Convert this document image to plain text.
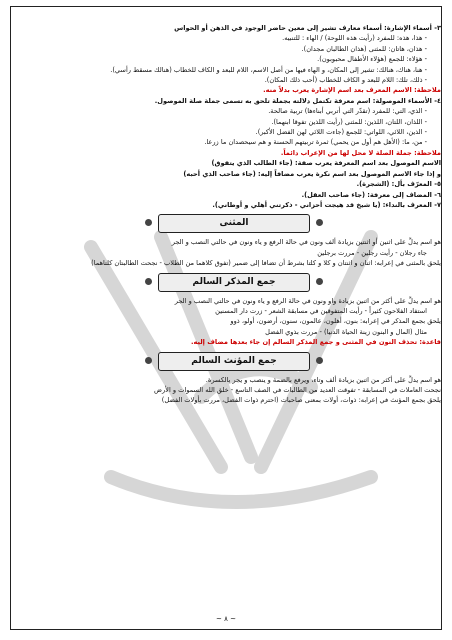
٣- أسماء الإشارة: أسماء معارف تشير إلى معين حاضر الوجود في الذهن أو الحواس
- هذا، هذه: للمفرد (رأيت هذه اللوحة) / الهاء : للتنبيه.
- هذان، هاتان: للمثنى (هذان الطالبان مجدان).
- هؤلاء: للجمع (هؤلاء الأطفال محبوبون).
- هنا، هناك، هنالك: تشير إلى المكان، و الهاء فيها من أصل الاسم، اللام للبعد و الكاف للخطاب (هنالك مسقط رأسي).
- ذلك، تلك: اللام للبعد و الكاف للخطاب (أحب ذلك المكان).
ملاحظة: الاسم المعرف بعد اسم الإشارة يعرب بدلاً منه.
٤- الأسماء الموصولة: اسم معرفة تكتمل دلالته بجملة تلحق به تسمى جملة صلة الموصول.
- الذي، التي: للمفرد (تقدّر التي أتربي أبناءها) تربية صالحة.
- اللذان، اللتان، اللذين: للمثنى (رأيت اللذين تفوقا ابنهما).
- الذين، اللائي، اللواتي: للجمع (جاءت اللائي لهن الفضل الأكبر).
- من، ما: (الأهل هم أول من يحمي) ثمرة تربيتهم الحسنة و هم سيحصدان ما زرعا.
ملاحظة: جملة الصلة لا محل لها من الإعراب دائماً.
الاسم الموصول بعد اسم المعرفة يعرب صفة: (جاء الطالب الذي يتفوق)
و إذا جاء الاسم الموصول بعد اسم نكرة يعرب مضافاً إليه: (جاء صاحب الذي أحبه)
٥- المعرّف بأل: (الشجرة).
٦- المضاف إلى معرفة: (جاء صاحب العقل).
٧- المعرف بالنداء: (يا شيخ قد هيجت أحزاني - ذكرتني أهلي و أوطاني).
المثنى
هو اسم يدلُّ على اثنين أو اثنتين بزيادة ألف ونون في حالة الرفع و ياء ونون في حالتي النصب و الجر
جاء رجلان - رأيت رجلين - مررت برجلين
يلحق بالمثنى في إعرابه: اثنان و اثنتان و كلا و كلتا بشرط أن تضافا إلى ضمير (تفوق كلاهما من الطلاب - نجحت الطالبتان كلتاهما)
جمع المذكر السالم
هو اسم يدلُّ على أكثر من اثنين بزيادة واو ونون في حالة الرفع و ياء ونون في حالتي النصب و الجر
استفاد الفلاحون كثيراً - رأيت المتفوقين في مسابقة الشعر - زرت دار المسنين
يلحق بجمع المذكر في إعرابه: بنون، أهلون، عالمون، سنون، أرضون، أولو، ذوو
مثال (المال و البنون زينة الحياة الدنيا) - مررت بذوي الفضل
قاعدة: تحذف النون في المثنى و جمع المذكر السالم إن جاء بعدها مضاف إليه.
جمع المؤنث السالم
هو اسم يدلُّ على أكثر من اثنين بزيادة ألف وتاء، ويرفع بالضمة و ينصب و يجر بالكسرة.
نجحت العاملات في المسابقة - تفوقت العديد من الطالبات في الصف التاسع - خلق الله السموات و الأرض
يلحق بجمع المؤنث في إعرابه: ذوات، أولات بمعنى صاحبات (احترم ذوات الفضل، مررت بأولات الفضل)
~ ٨ ~
